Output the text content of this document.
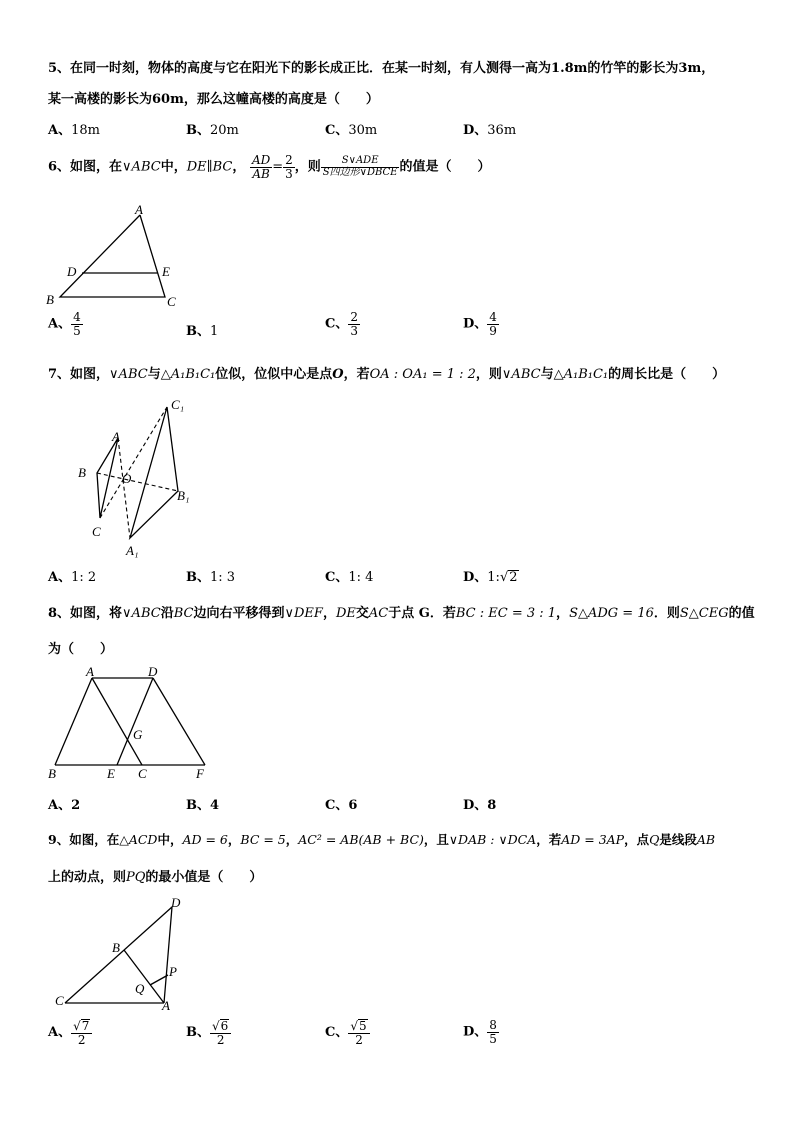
5、在同一时刻，物体的高度与它在阳光下的影长成正比．在某一时刻，有人测得一高为1.8m的竹竿的影长为3m，
某一高楼的影长为60m，那么这幢高楼的高度是（　　）
A、18m	B、20m	C、30m	D、36m
6、如图，在∨ABC中，DE∥BC， $\frac{AD}{AB} = \frac{2}{3}$ ，则 $\frac{\text{S∨ADE}}{\text{S四边形∨DBCE}}$ 的值是（　　）
A
D	E
B	C
A、 $\frac{4}{5}$	B、1	C、 $\frac{2}{3}$	D、 $\frac{4}{9}$
7、如图，∨ABC与△A₁B₁C₁位似，位似中心是点O，若OA : OA₁ = 1 : 2，则∨ABC与△A₁B₁C₁的周长比是（　　）
C₁
A
B	O
B₁
C
A₁
A、1: 2	B、1: 3	C、1: 4	D、1:√2
8、如图，将∨ABC沿BC边向右平移得到∨DEF，DE交AC于点 G．若BC : EC = 3 : 1，S△ADG = 16．则S△CEG的值
为（　　）
A	D
G
B	E C	F
A、2	B、4	C、6	D、8
9、如图，在△ACD中，AD = 6，BC = 5，AC² = AB(AB + BC)，且∨DAB : ∨DCA，若AD = 3AP，点Q是线段AB
上的动点，则PQ的最小值是（　　）
D
B
P
Q
C	A
A、 $\frac{√7}{2}$	B、 $\frac{√6}{2}$	C、 $\frac{√5}{2}$	D、 $\frac{8}{5}$
